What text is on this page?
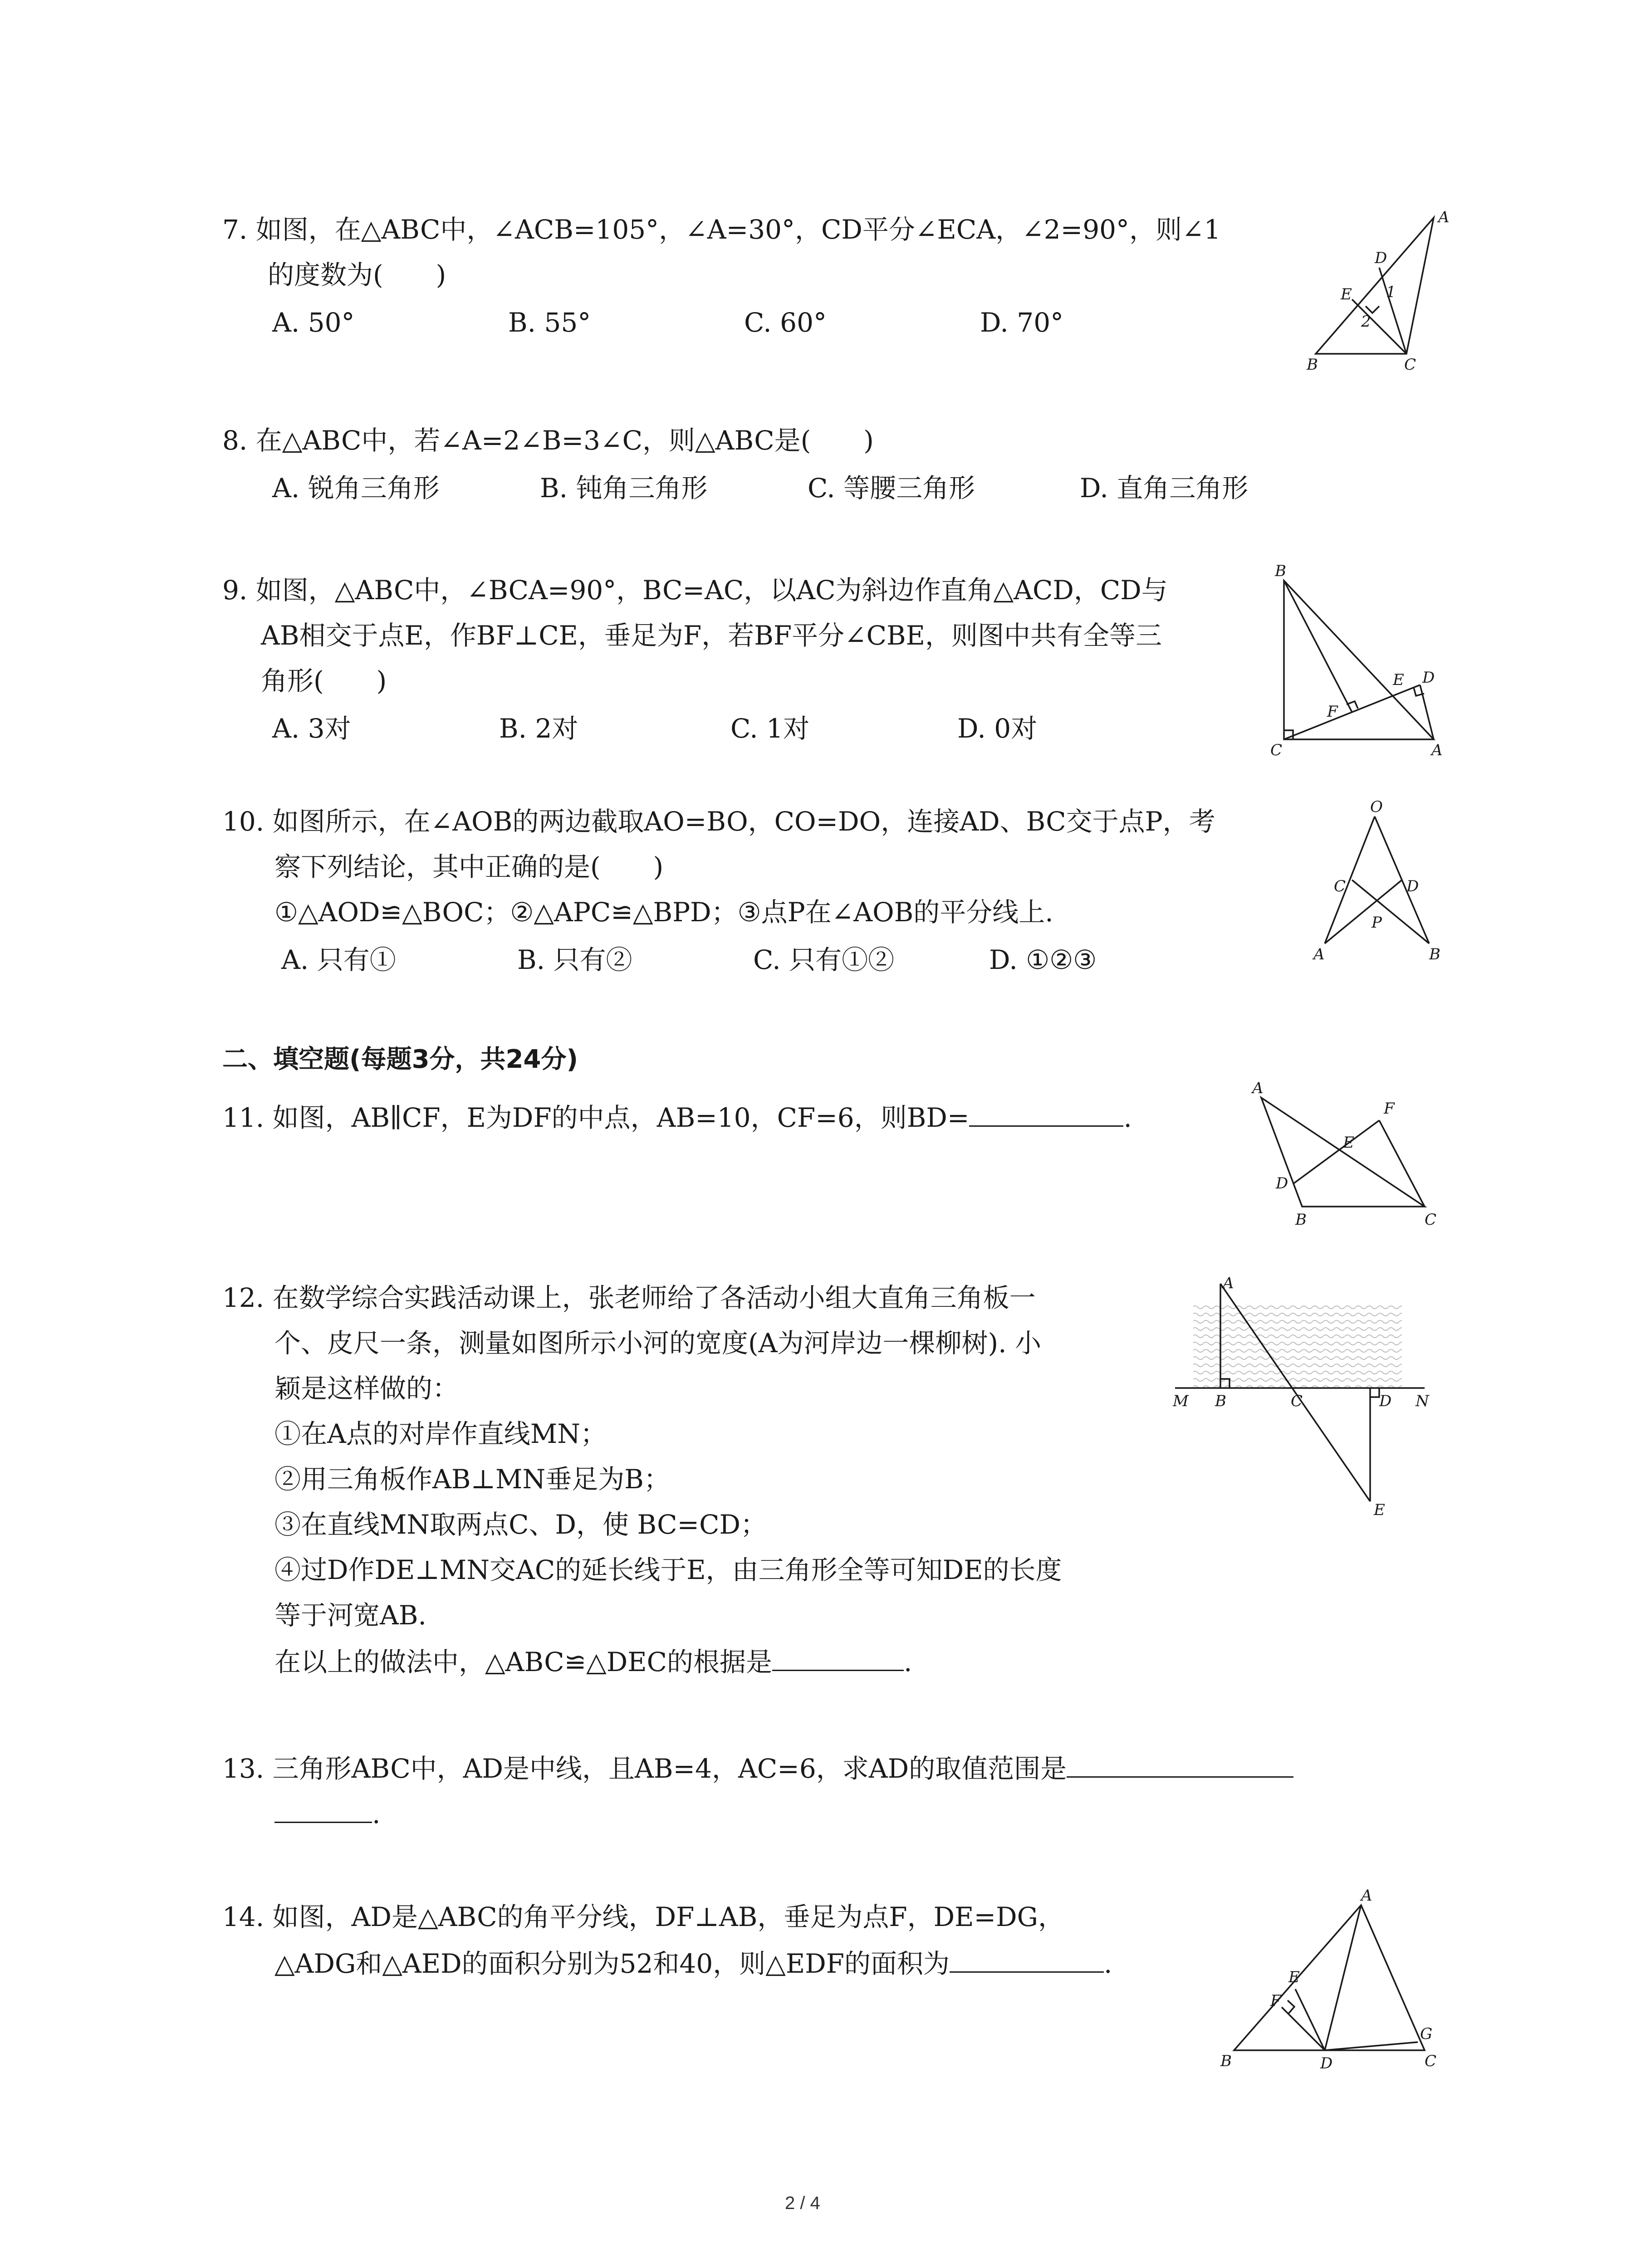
7. 如图，在△ABC中，∠ACB=105°，∠A=30°，CD平分∠ECA，∠2=90°，则∠1
的度数为(　　)
A. 50°	B. 55°	C. 60°	D. 70°
A
D
E 1
2
B	C
8. 在△ABC中，若∠A=2∠B=3∠C，则△ABC是(　　)
A. 锐角三角形	B. 钝角三角形	C. 等腰三角形	D. 直角三角形
9. 如图，△ABC中，∠BCA=90°，BC=AC，以AC为斜边作直角△ACD，CD与
AB相交于点E，作BF⊥CE，垂足为F，若BF平分∠CBE，则图中共有全等三
角形(　　)
A. 3对	B. 2对	C. 1对	D. 0对
B
E D
F
C	A
10. 如图所示，在∠AOB的两边截取AO=BO，CO=DO，连接AD、BC交于点P，考
察下列结论，其中正确的是(　　)
①△AOD≌△BOC；②△APC≌△BPD；③点P在∠AOB的平分线上.
A. 只有①	B. 只有②	C. 只有①②	D. ①②③
O
C	D
P
A	B
二、填空题(每题3分，共24分)
11. 如图，AB∥CF，E为DF的中点，AB=10，CF=6，则BD=	.
A
F
E
D
B	C
12. 在数学综合实践活动课上，张老师给了各活动小组大直角三角板一
个、皮尺一条，测量如图所示小河的宽度(A为河岸边一棵柳树). 小
颖是这样做的：
①在A点的对岸作直线MN；
②用三角板作AB⊥MN垂足为B；
③在直线MN取两点C、D，使 BC=CD；
④过D作DE⊥MN交AC的延长线于E，由三角形全等可知DE的长度
等于河宽AB.
在以上的做法中，△ABC≌△DEC的根据是	.
A
M B	C	D N
E
13. 三角形ABC中，AD是中线，且AB=4，AC=6，求AD的取值范围是
.
14. 如图，AD是△ABC的角平分线，DF⊥AB，垂足为点F，DE=DG，
△ADG和△AED的面积分别为52和40，则△EDF的面积为	.
A
E
F
G
B	D	C
2 / 4
